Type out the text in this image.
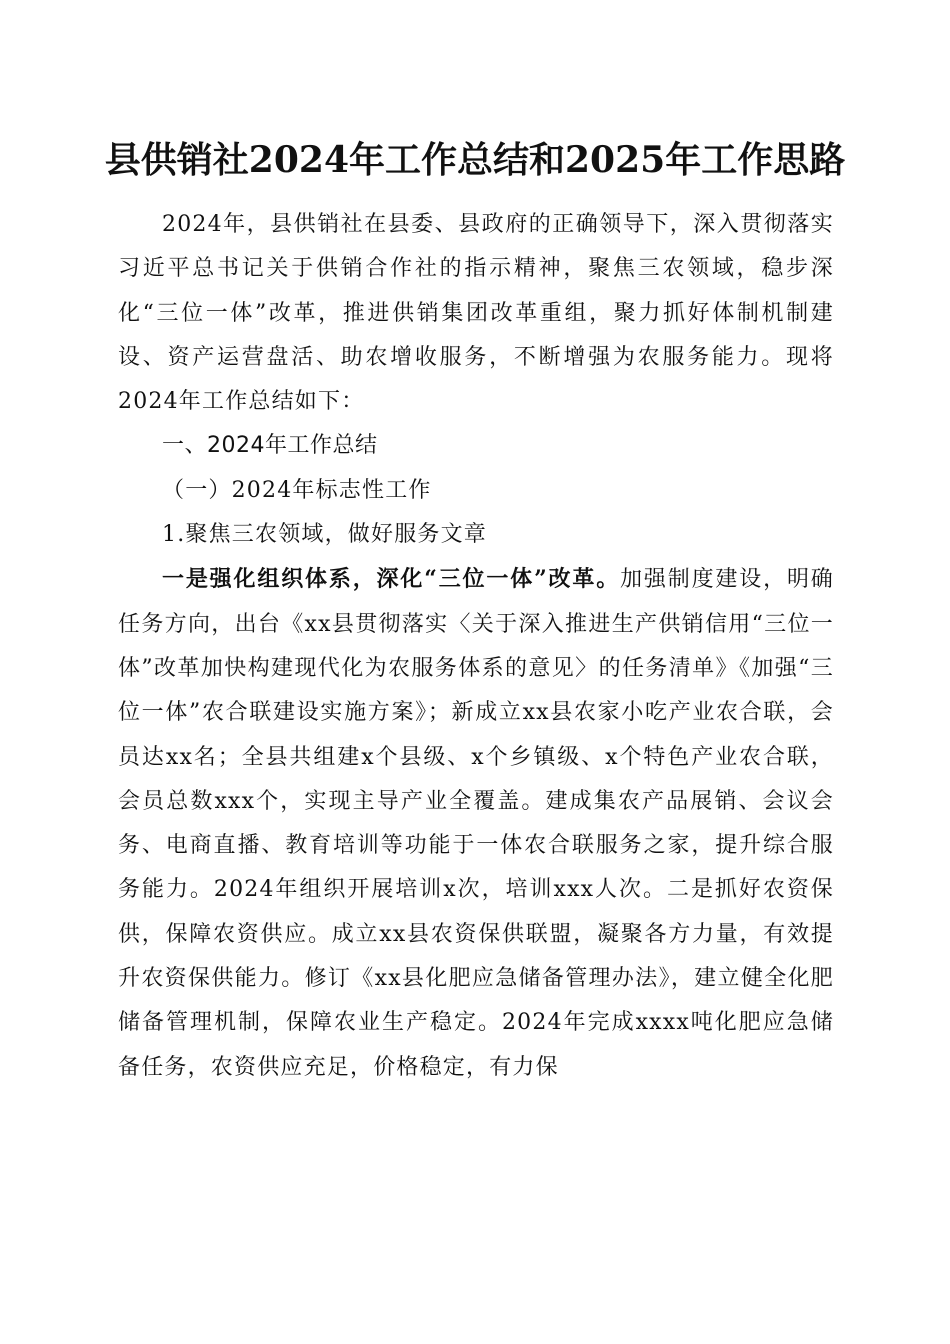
县供销社2024年工作总结和2025年工作思路

2024年，县供销社在县委、县政府的正确领导下，深入贯彻落实习近平总书记关于供销合作社的指示精神，聚焦三农领域，稳步深化“三位一体”改革，推进供销集团改革重组，聚力抓好体制机制建设、资产运营盘活、助农增收服务，不断增强为农服务能力。现将2024年工作总结如下：

一、2024年工作总结

（一）2024年标志性工作

1.聚焦三农领域，做好服务文章

一是强化组织体系，深化“三位一体”改革。加强制度建设，明确任务方向，出台《xx县贯彻落实〈关于深入推进生产供销信用“三位一体”改革加快构建现代化为农服务体系的意见〉的任务清单》《加强“三位一体”农合联建设实施方案》；新成立xx县农家小吃产业农合联，会员达xx名；全县共组建x个县级、x个乡镇级、x个特色产业农合联，会员总数xxx个，实现主导产业全覆盖。建成集农产品展销、会议会务、电商直播、教育培训等功能于一体农合联服务之家，提升综合服务能力。2024年组织开展培训x次，培训xxx人次。二是抓好农资保供，保障农资供应。成立xx县农资保供联盟，凝聚各方力量，有效提升农资保供能力。修订《xx县化肥应急储备管理办法》，建立健全化肥储备管理机制，保障农业生产稳定。2024年完成xxxx吨化肥应急储备任务，农资供应充足，价格稳定，有力保
